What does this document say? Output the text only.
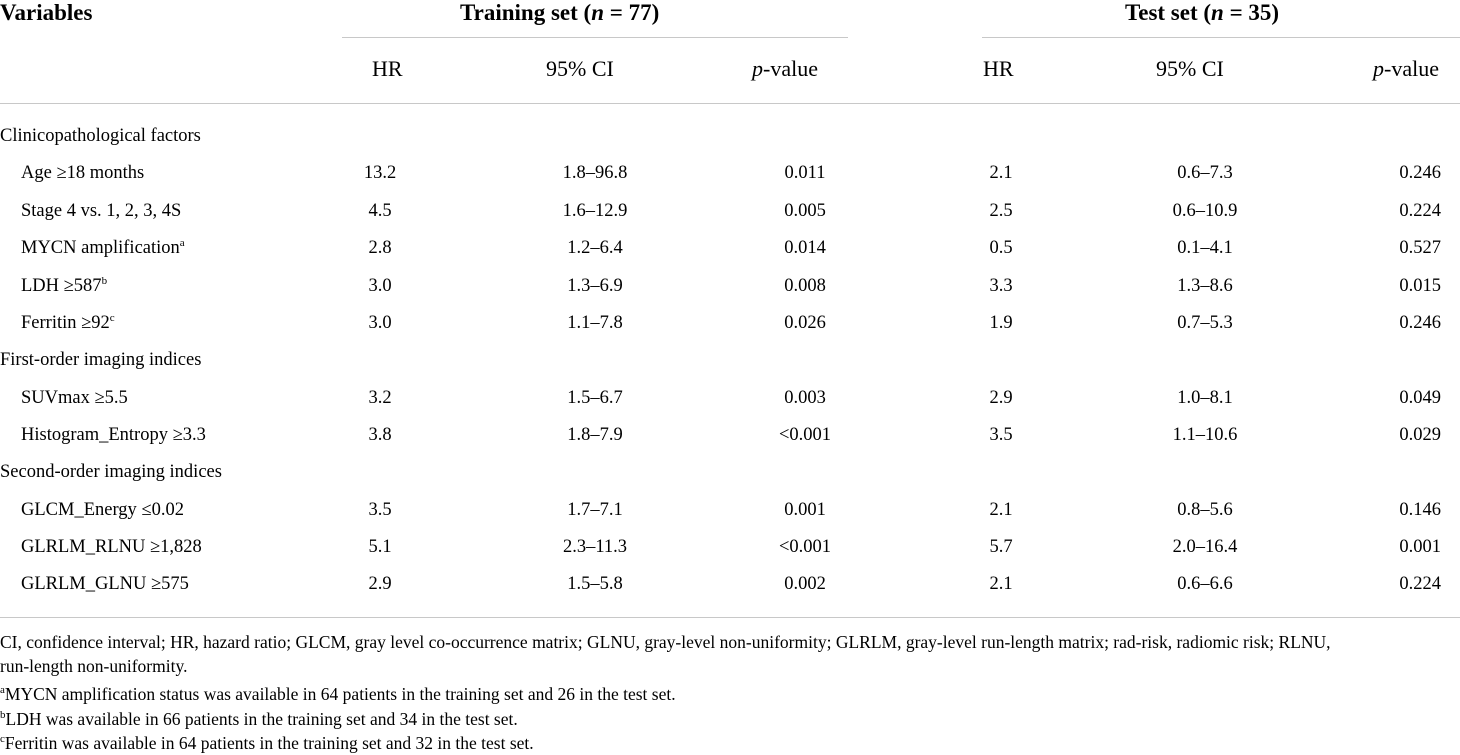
Variables	Training set (n = 77)	Test set (n = 35)
HR	95% CI	p-value	HR	95% CI	p-value
Clinicopathological factors
Age ≥18 months	13.2	1.8–96.8	0.011	2.1	0.6–7.3	0.246
Stage 4 vs. 1, 2, 3, 4S	4.5	1.6–12.9	0.005	2.5	0.6–10.9	0.224
MYCN amplification$^a$	2.8	1.2–6.4	0.014	0.5	0.1–4.1	0.527
LDH $\ge 587^b$	3.0	1.3–6.9	0.008	3.3	1.3–8.6	0.015
Ferritin $\ge 92^c$	3.0	1.1–7.8	0.026	1.9	0.7–5.3	0.246
First-order imaging indices
SUVmax ≥5.5	3.2	1.5–6.7	0.003	2.9	1.0–8.1	0.049
Histogram_Entropy ≥3.3	3.8	1.8–7.9	<0.001	3.5	1.1–10.6	0.029
Second-order imaging indices
GLCM_Energy ≤0.02	3.5	1.7–7.1	0.001	2.1	0.8–5.6	0.146
GLRLM_RLNU ≥1,828	5.1	2.3–11.3	<0.001	5.7	2.0–16.4	0.001
GLRLM_GLNU ≥575	2.9	1.5–5.8	0.002	2.1	0.6–6.6	0.224
CI, confidence interval; HR, hazard ratio; GLCM, gray level co-occurrence matrix; GLNU, gray-level non-uniformity; GLRLM, gray-level run-length matrix; rad-risk, radiomic risk; RLNU,
run-length non-uniformity.
$^a$MYCN amplification status was available in 64 patients in the training set and 26 in the test set.
$^b$LDH was available in 66 patients in the training set and 34 in the test set.
$^c$Ferritin was available in 64 patients in the training set and 32 in the test set.
